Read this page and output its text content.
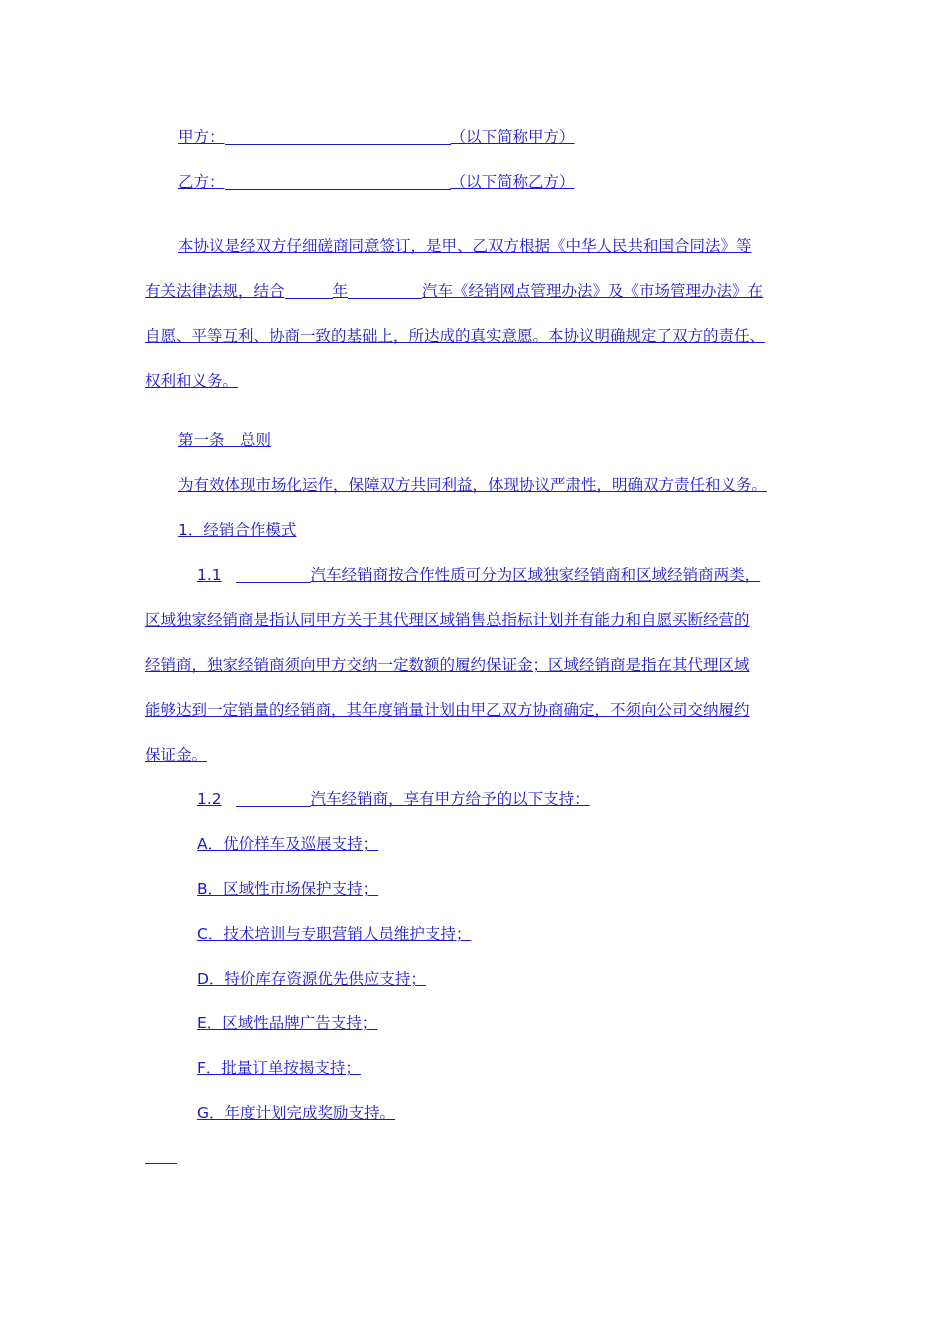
甲方：	（以下简称甲方）
乙方：	（以下简称乙方）
本协议是经双方仔细磋商同意签订，是甲、乙双方根据《中华人民共和国合同法》等
有关法律法规，结合	年	汽车《经销网点管理办法》及《市场管理办法》在
自愿、平等互利、协商一致的基础上，所达成的真实意愿。本协议明确规定了双方的责任、
权利和义务。
第一条　总则
为有效体现市场化运作，保障双方共同利益，体现协议严肃性，明确双方责任和义务。
1．经销合作模式
1.1	汽车经销商按合作性质可分为区域独家经销商和区域经销商两类，
区域独家经销商是指认同甲方关于其代理区域销售总指标计划并有能力和自愿买断经营的
经销商，独家经销商须向甲方交纳一定数额的履约保证金；区域经销商是指在其代理区域
能够达到一定销量的经销商，其年度销量计划由甲乙双方协商确定，不须向公司交纳履约
保证金。
1.2	汽车经销商，享有甲方给予的以下支持：
A．优价样车及巡展支持；
B．区域性市场保护支持；
C．技术培训与专职营销人员维护支持；
D．特价库存资源优先供应支持；
E．区域性品牌广告支持；
F．批量订单按揭支持；
G．年度计划完成奖励支持。
